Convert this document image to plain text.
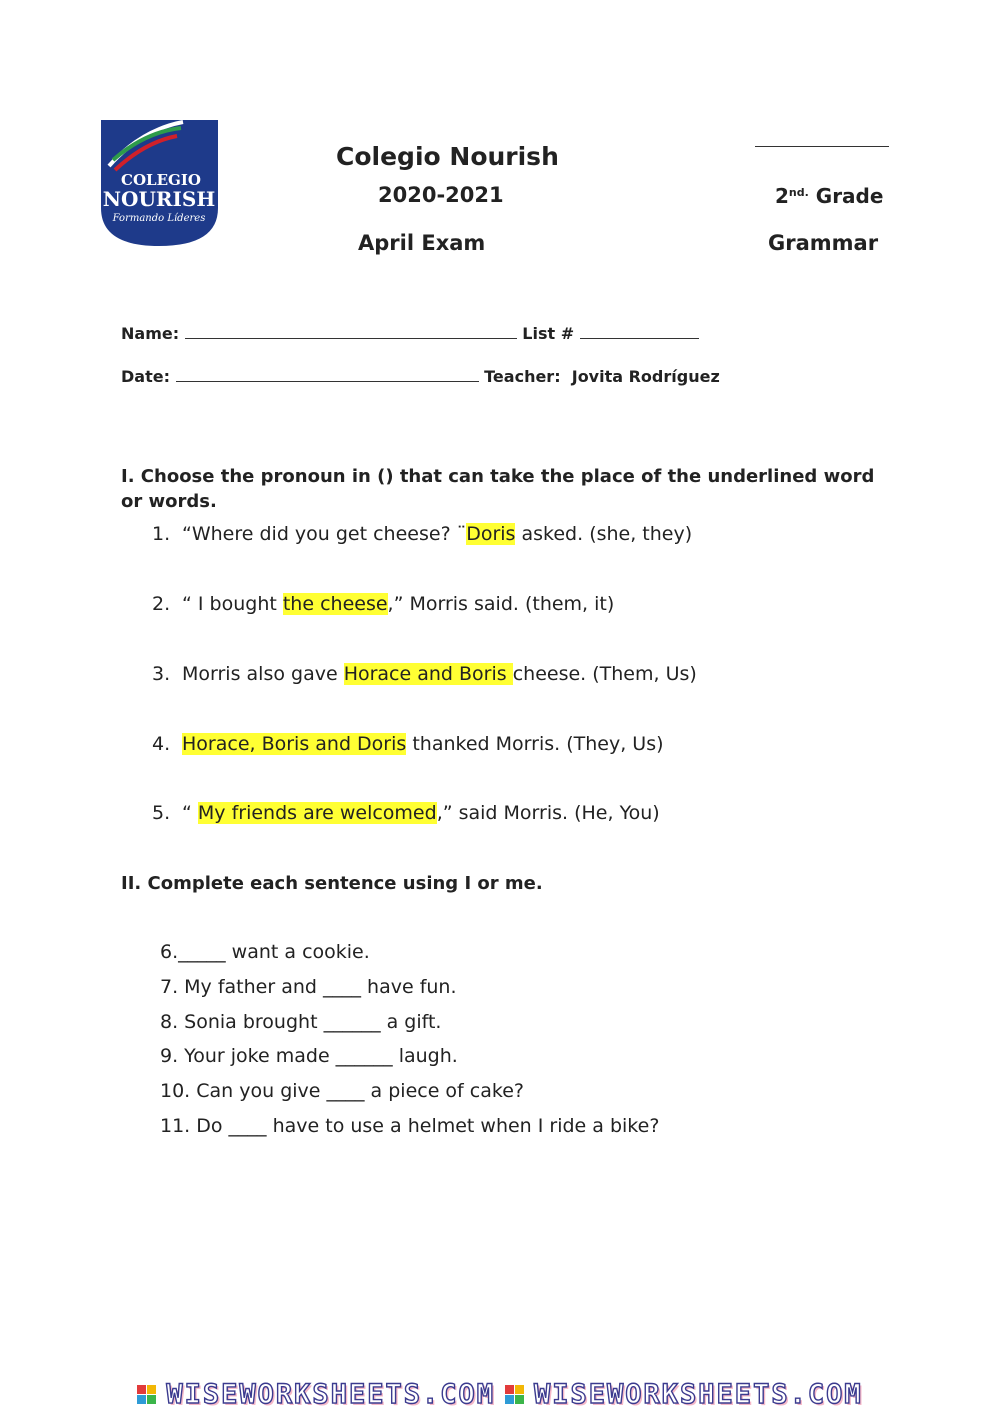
COLEGIO
NOURISH
Formando Líderes
Colegio Nourish
2020-2021
April Exam
$2^{nd.}$ Grade
Grammar
Name:	List #
Date:	Teacher: Jovita Rodríguez
I. Choose the pronoun in () that can take the place of the underlined word or words.
1. “Where did you get cheese? ¨Doris asked. (she, they)
2. “ I bought the cheese,” Morris said. (them, it)
3. Morris also gave Horace and Boris cheese. (Them, Us)
4. Horace, Boris and Doris thanked Morris. (They, Us)
5. “ My friends are welcomed,” said Morris. (He, You)
II. Complete each sentence using I or me.
6._____ want a cookie.
7. My father and ____ have fun.
8. Sonia brought ______ a gift.
9. Your joke made ______ laugh.
10. Can you give ____ a piece of cake?
11. Do ____ have to use a helmet when I ride a bike?
WISEWORKSHEETS.COM WISEWORKSHEETS.COM
